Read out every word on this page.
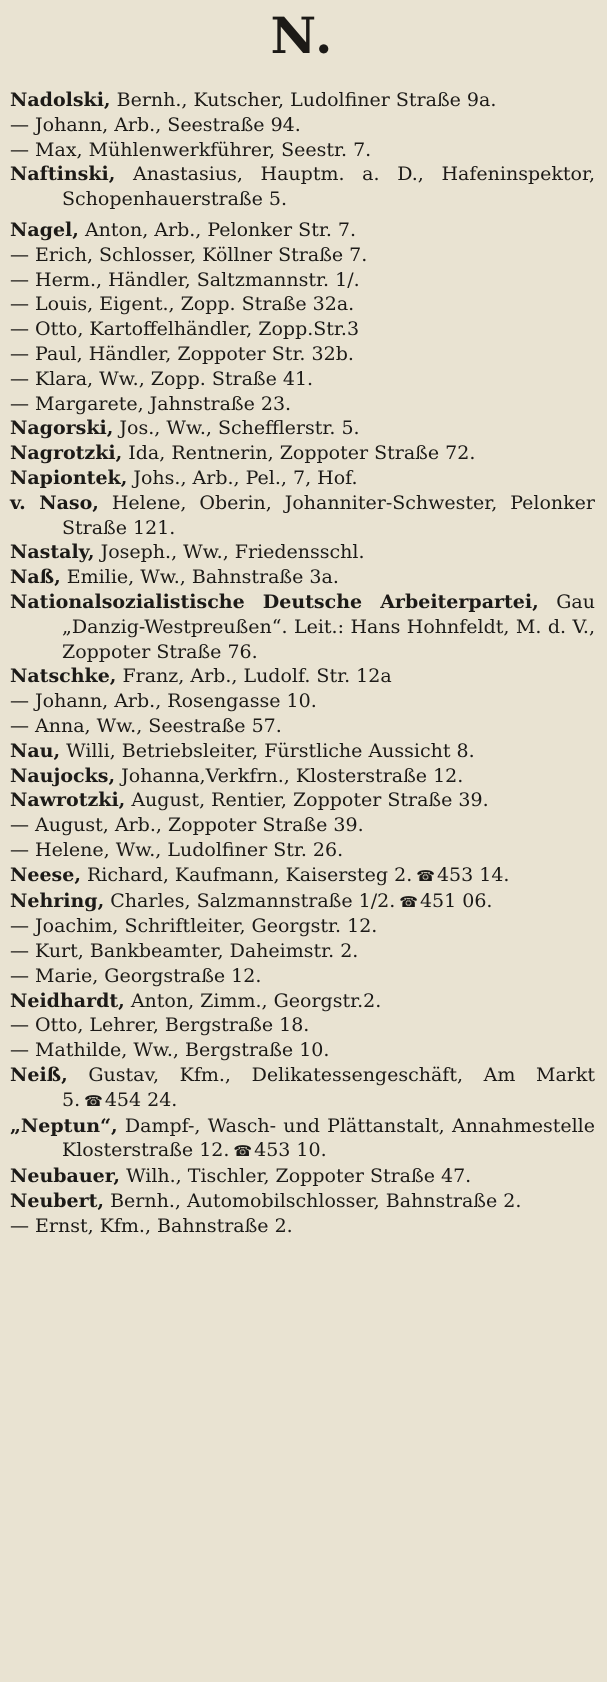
N.
Nadolski, Bernh., Kutscher, Ludolfiner Straße 9a.
— Johann, Arb., Seestraße 94.
— Max, Mühlenwerkführer, Seestr. 7.
Naftinski, Anastasius, Hauptm. a. D., Hafeninspektor, Schopenhauerstraße 5.
Nagel, Anton, Arb., Pelonker Str. 7.
— Erich, Schlosser, Köllner Straße 7.
— Herm., Händler, Saltzmannstr. 1/.
— Louis, Eigent., Zopp. Straße 32a.
— Otto, Kartoffelhändler, Zopp.Str.3
— Paul, Händler, Zoppoter Str. 32b.
— Klara, Ww., Zopp. Straße 41.
— Margarete, Jahnstraße 23.
Nagorski, Jos., Ww., Schefflerstr. 5.
Nagrotzki, Ida, Rentnerin, Zoppoter Straße 72.
Napiontek, Johs., Arb., Pel., 7, Hof.
v. Naso, Helene, Oberin, Johanniter-Schwester, Pelonker Straße 121.
Nastaly, Joseph., Ww., Friedensschl.
Naß, Emilie, Ww., Bahnstraße 3a.
Nationalsozialistische Deutsche Arbeiterpartei, Gau „Danzig-Westpreußen“. Leit.: Hans Hohnfeldt, M. d. V., Zoppoter Straße 76.
Natschke, Franz, Arb., Ludolf. Str. 12a
— Johann, Arb., Rosengasse 10.
— Anna, Ww., Seestraße 57.
Nau, Willi, Betriebsleiter, Fürstliche Aussicht 8.
Naujocks, Johanna,Verkfrn., Klosterstraße 12.
Nawrotzki, August, Rentier, Zoppoter Straße 39.
— August, Arb., Zoppoter Straße 39.
— Helene, Ww., Ludolfiner Str. 26.
Neese, Richard, Kaufmann, Kaisersteg 2. ☎ 453 14.
Nehring, Charles, Salzmannstraße 1/2. ☎ 451 06.
— Joachim, Schriftleiter, Georgstr. 12.
— Kurt, Bankbeamter, Daheimstr. 2.
— Marie, Georgstraße 12.
Neidhardt, Anton, Zimm., Georgstr.2.
— Otto, Lehrer, Bergstraße 18.
— Mathilde, Ww., Bergstraße 10.
Neiß, Gustav, Kfm., Delikatessengeschäft, Am Markt 5. ☎ 454 24.
„Neptun“, Dampf-, Wasch- und Plättanstalt, Annahmestelle Klosterstraße 12. ☎ 453 10.
Neubauer, Wilh., Tischler, Zoppoter Straße 47.
Neubert, Bernh., Automobilschlosser, Bahnstraße 2.
— Ernst, Kfm., Bahnstraße 2.
